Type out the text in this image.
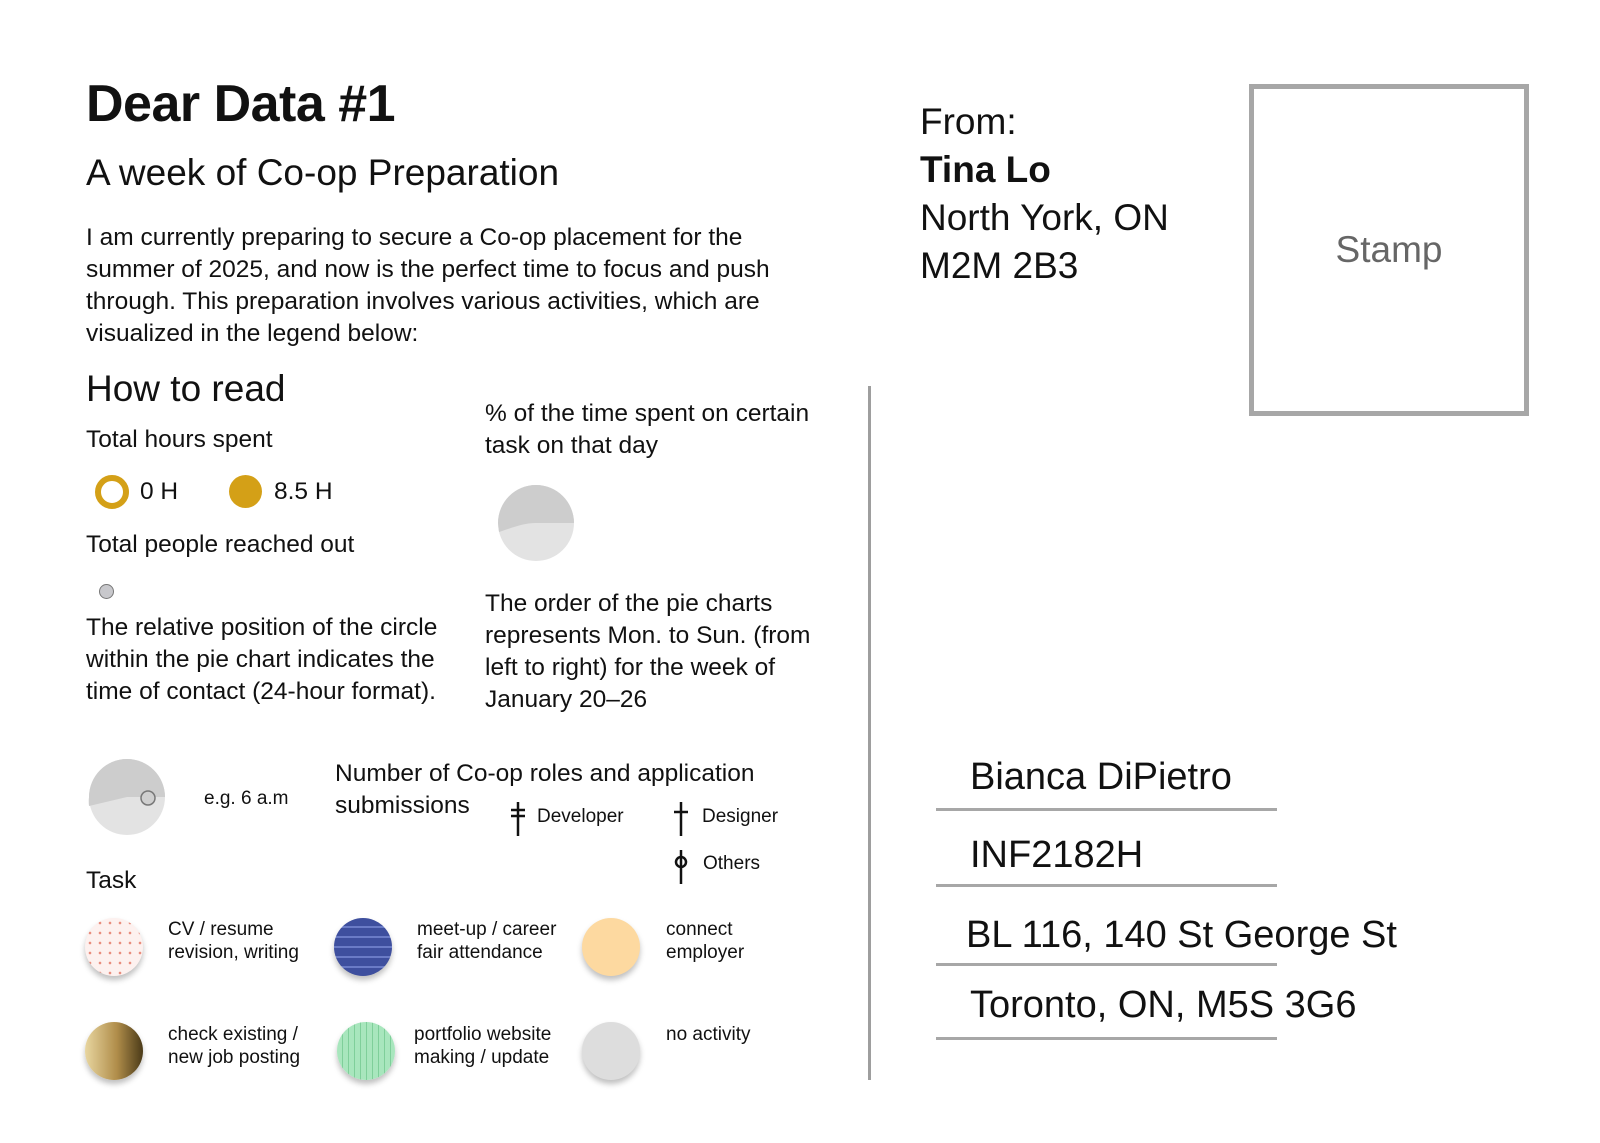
Dear Data #1
A week of Co-op Preparation
I am currently preparing to secure a Co-op placement for the summer of 2025, and now is the perfect time to focus and push through. This preparation involves various activities, which are visualized in the legend below:
How to read
Total hours spent
0 H	8.5 H
Total people reached out
The relative position of the circle within the pie chart indicates the time of contact (24-hour format).
e.g. 6 a.m
% of the time spent on certain task on that day
The order of the pie charts represents Mon. to Sun. (from left to right) for the week of January 20–26
Number of Co-op roles and application submissions	Developer	Designer
Others
Task
CV / resume revision, writing
meet-up / career fair attendance
connect employer
check existing / new job posting
portfolio website making / update
no activity
From:
Tina Lo
North York, ON
M2M 2B3	Stamp
Bianca DiPietro
INF2182H
BL 116, 140 St George St
Toronto, ON, M5S 3G6
